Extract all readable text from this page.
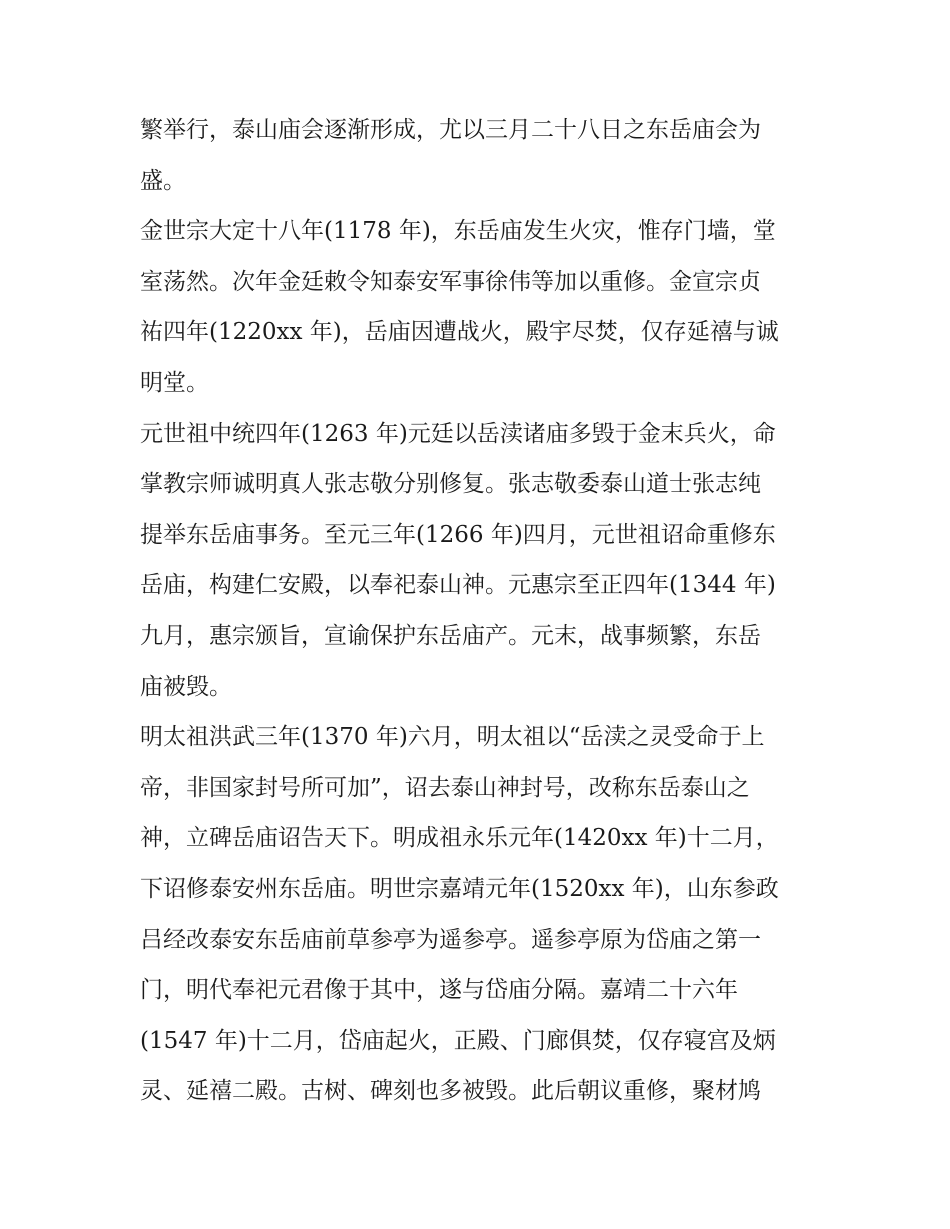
繁举行，泰山庙会逐渐形成，尤以三月二十八日之东岳庙会为
盛。
金世宗大定十八年(1178 年)，东岳庙发生火灾，惟存门墙，堂
室荡然。次年金廷敕令知泰安军事徐伟等加以重修。金宣宗贞
祐四年(1220xx 年)，岳庙因遭战火，殿宇尽焚，仅存延禧与诚
明堂。
元世祖中统四年(1263 年)元廷以岳渎诸庙多毁于金末兵火，命
掌教宗师诚明真人张志敬分别修复。张志敬委泰山道士张志纯
提举东岳庙事务。至元三年(1266 年)四月，元世祖诏命重修东
岳庙，构建仁安殿，以奉祀泰山神。元惠宗至正四年(1344 年)
九月，惠宗颁旨，宣谕保护东岳庙产。元末，战事频繁，东岳
庙被毁。
明太祖洪武三年(1370 年)六月，明太祖以“岳渎之灵受命于上
帝，非国家封号所可加”，诏去泰山神封号，改称东岳泰山之
神，立碑岳庙诏告天下。明成祖永乐元年(1420xx 年)十二月，
下诏修泰安州东岳庙。明世宗嘉靖元年(1520xx 年)，山东参政
吕经改泰安东岳庙前草参亭为遥参亭。遥参亭原为岱庙之第一
门，明代奉祀元君像于其中，遂与岱庙分隔。嘉靖二十六年
(1547 年)十二月，岱庙起火，正殿、门廊俱焚，仅存寝宫及炳
灵、延禧二殿。古树、碑刻也多被毁。此后朝议重修，聚材鸠
